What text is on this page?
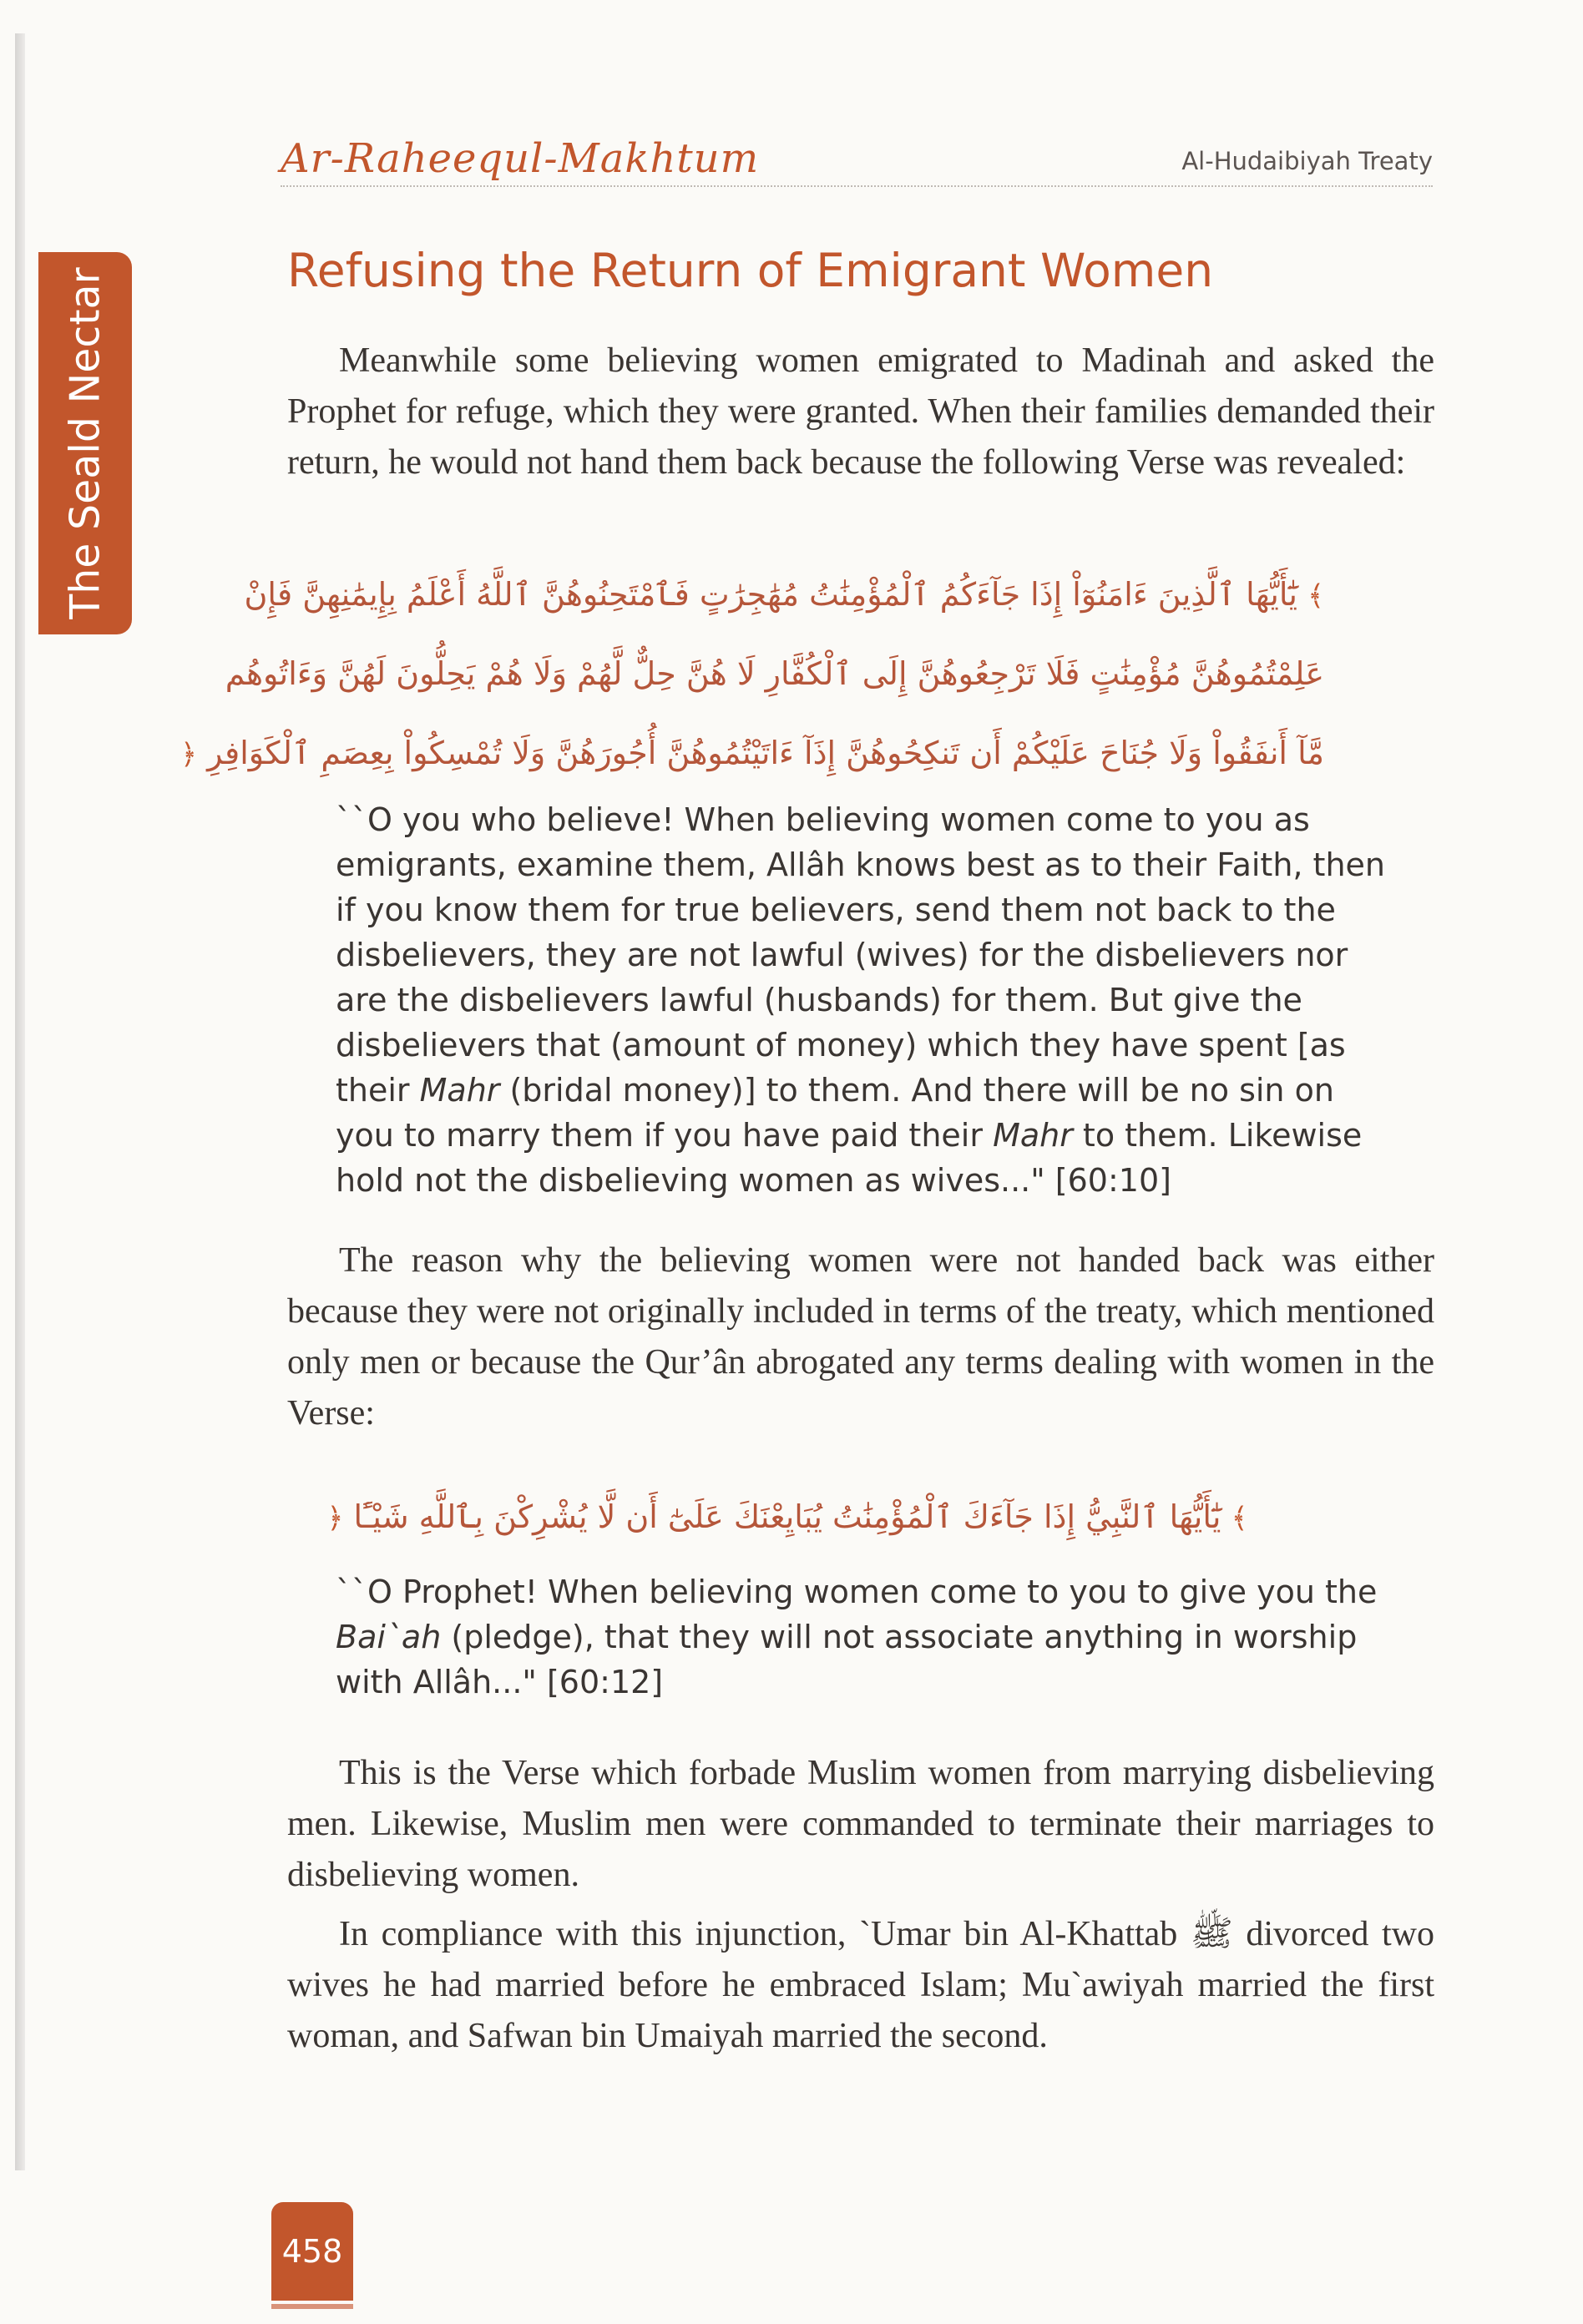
The Seald Nectar
Ar-Raheequl-Makhtum	Al-Hudaibiyah Treaty
Refusing the Return of Emigrant Women

Meanwhile some believing women emigrated to Madinah and asked the Prophet for refuge, which they were granted. When their families demanded their return, he would not hand them back because the following Verse was revealed:

﴾ يَٰٓأَيُّهَا ٱلَّذِينَ ءَامَنُوٓاْ إِذَا جَآءَكُمُ ٱلْمُؤْمِنَٰتُ مُهَٰجِرَٰتٍ فَٱمْتَحِنُوهُنَّ ٱللَّهُ أَعْلَمُ بِإِيمَٰنِهِنَّ فَإِنْ
عَلِمْتُمُوهُنَّ مُؤْمِنَٰتٍ فَلَا تَرْجِعُوهُنَّ إِلَى ٱلْكُفَّارِ لَا هُنَّ حِلٌّ لَّهُمْ وَلَا هُمْ يَحِلُّونَ لَهُنَّ وَءَاتُوهُم
مَّآ أَنفَقُواْ وَلَا جُنَاحَ عَلَيْكُمْ أَن تَنكِحُوهُنَّ إِذَآ ءَاتَيْتُمُوهُنَّ أُجُورَهُنَّ وَلَا تُمْسِكُواْ بِعِصَمِ ٱلْكَوَافِرِ ﴿

``O you who believe! When believing women come to you as emigrants, examine them, Allâh knows best as to their Faith, then if you know them for true believers, send them not back to the disbelievers, they are not lawful (wives) for the disbelievers nor are the disbelievers lawful (husbands) for them. But give the disbelievers that (amount of money) which they have spent [as their Mahr (bridal money)] to them. And there will be no sin on you to marry them if you have paid their Mahr to them. Likewise hold not the disbelieving women as wives..." [60:10]

The reason why the believing women were not handed back was either because they were not originally included in terms of the treaty, which mentioned only men or because the Qur’ân abrogated any terms dealing with women in the Verse:

﴾ يَٰٓأَيُّهَا ٱلنَّبِيُّ إِذَا جَآءَكَ ٱلْمُؤْمِنَٰتُ يُبَايِعْنَكَ عَلَىٰٓ أَن لَّا يُشْرِكْنَ بِٱللَّهِ شَيْـًٔا ﴿

``O Prophet! When believing women come to you to give you the Bai`ah (pledge), that they will not associate anything in worship with Allâh..." [60:12]

This is the Verse which forbade Muslim women from marrying disbelieving men. Likewise, Muslim men were commanded to terminate their marriages to disbelieving women.

In compliance with this injunction, `Umar bin Al-Khattab ﷺ divorced two wives he had married before he embraced Islam; Mu`awiyah married the first woman, and Safwan bin Umaiyah married the second.

458
